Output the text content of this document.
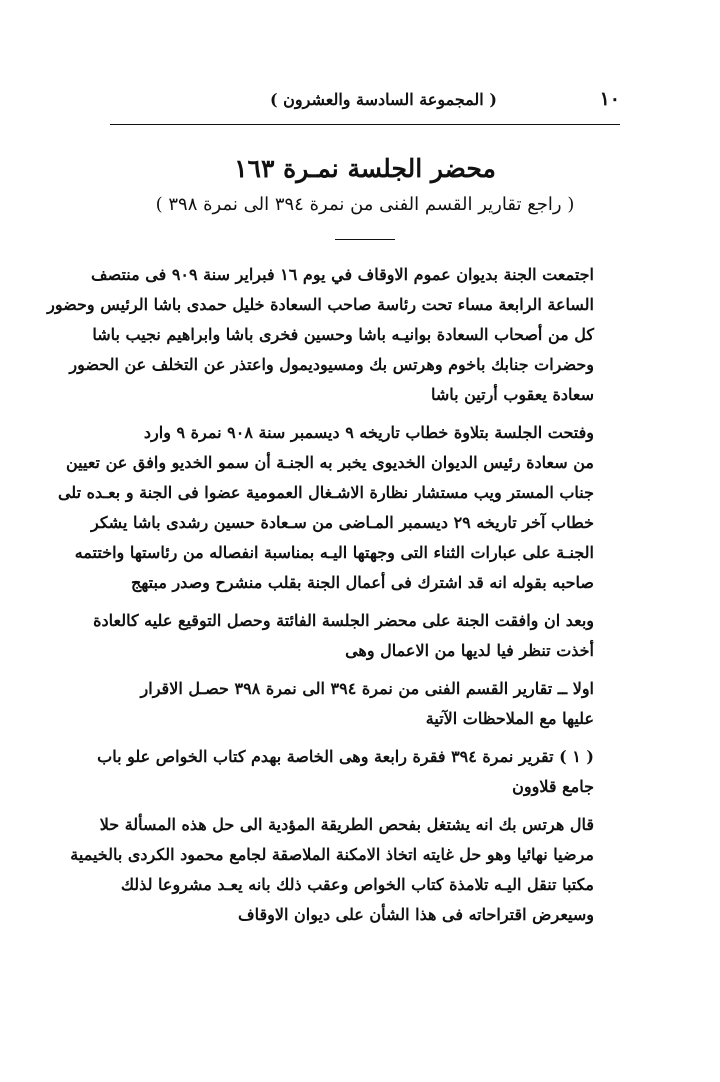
١٠
( المجموعة السادسة والعشرون )
محضر الجلسة نمـرة ١٦٣
( راجع تقارير القسم الفنى من نمرة ٣٩٤ الى نمرة ٣٩٨ )

اجتمعت الجنة بديوان عموم الاوقاف في يوم ١٦ فبراير سنة ٩٠٩ فى منتصف
الساعة الرابعة مساء تحت رئاسة صاحب السعادة خليل حمدى باشا الرئيس وحضور
كل من أصحاب السعادة بوانيـه باشا وحسين فخرى باشا وابراهيم نجيب باشا
وحضرات جنابك باخوم وهرتس بك ومسيوديمول واعتذر عن التخلف عن الحضور
سعادة يعقوب أرتين باشا

وفتحت الجلسة بتلاوة خطاب تاريخه ٩ ديسمبر سنة ٩٠٨ نمرة ٩ وارد
من سعادة رئيس الديوان الخديوى يخبر به الجنـة أن سمو الخديو وافق عن تعيين
جناب المستر ويب مستشار نظارة الاشـغال العمومية عضوا فى الجنة و بعـده تلى
خطاب آخر تاريخه ٢٩ ديسمبر المـاضى من سـعادة حسين رشدى باشا يشكر
الجنـة على عبارات الثناء التى وجهتها اليـه بمناسبة انفصاله من رئاستها واختتمه
صاحبه بقوله انه قد اشترك فى أعمال الجنة بقلب منشرح وصدر مبتهج

وبعد ان وافقت الجنة على محضر الجلسة الفائتة وحصل التوقيع عليه كالعادة
أخذت تنظر فيا لديها من الاعمال وهى

اولا ــ تقارير القسم الفنى من نمرة ٣٩٤ الى نمرة ٣٩٨ حصـل الاقرار
عليها مع الملاحظات الآتية

( ١ ) تقرير نمرة ٣٩٤ فقرة رابعة وهى الخاصة بهدم كتاب الخواص علو باب
جامع قلاوون

قال هرتس بك انه يشتغل بفحص الطريقة المؤدية الى حل هذه المسألة حلا
مرضيا نهائيا وهو حل غايته اتخاذ الامكنة الملاصقة لجامع محمود الكردى بالخيمية
مكتبا تنقل اليـه تلامذة كتاب الخواص وعقب ذلك بانه يعـد مشروعا لذلك
وسيعرض اقتراحاته فى هذا الشأن على ديوان الاوقاف
